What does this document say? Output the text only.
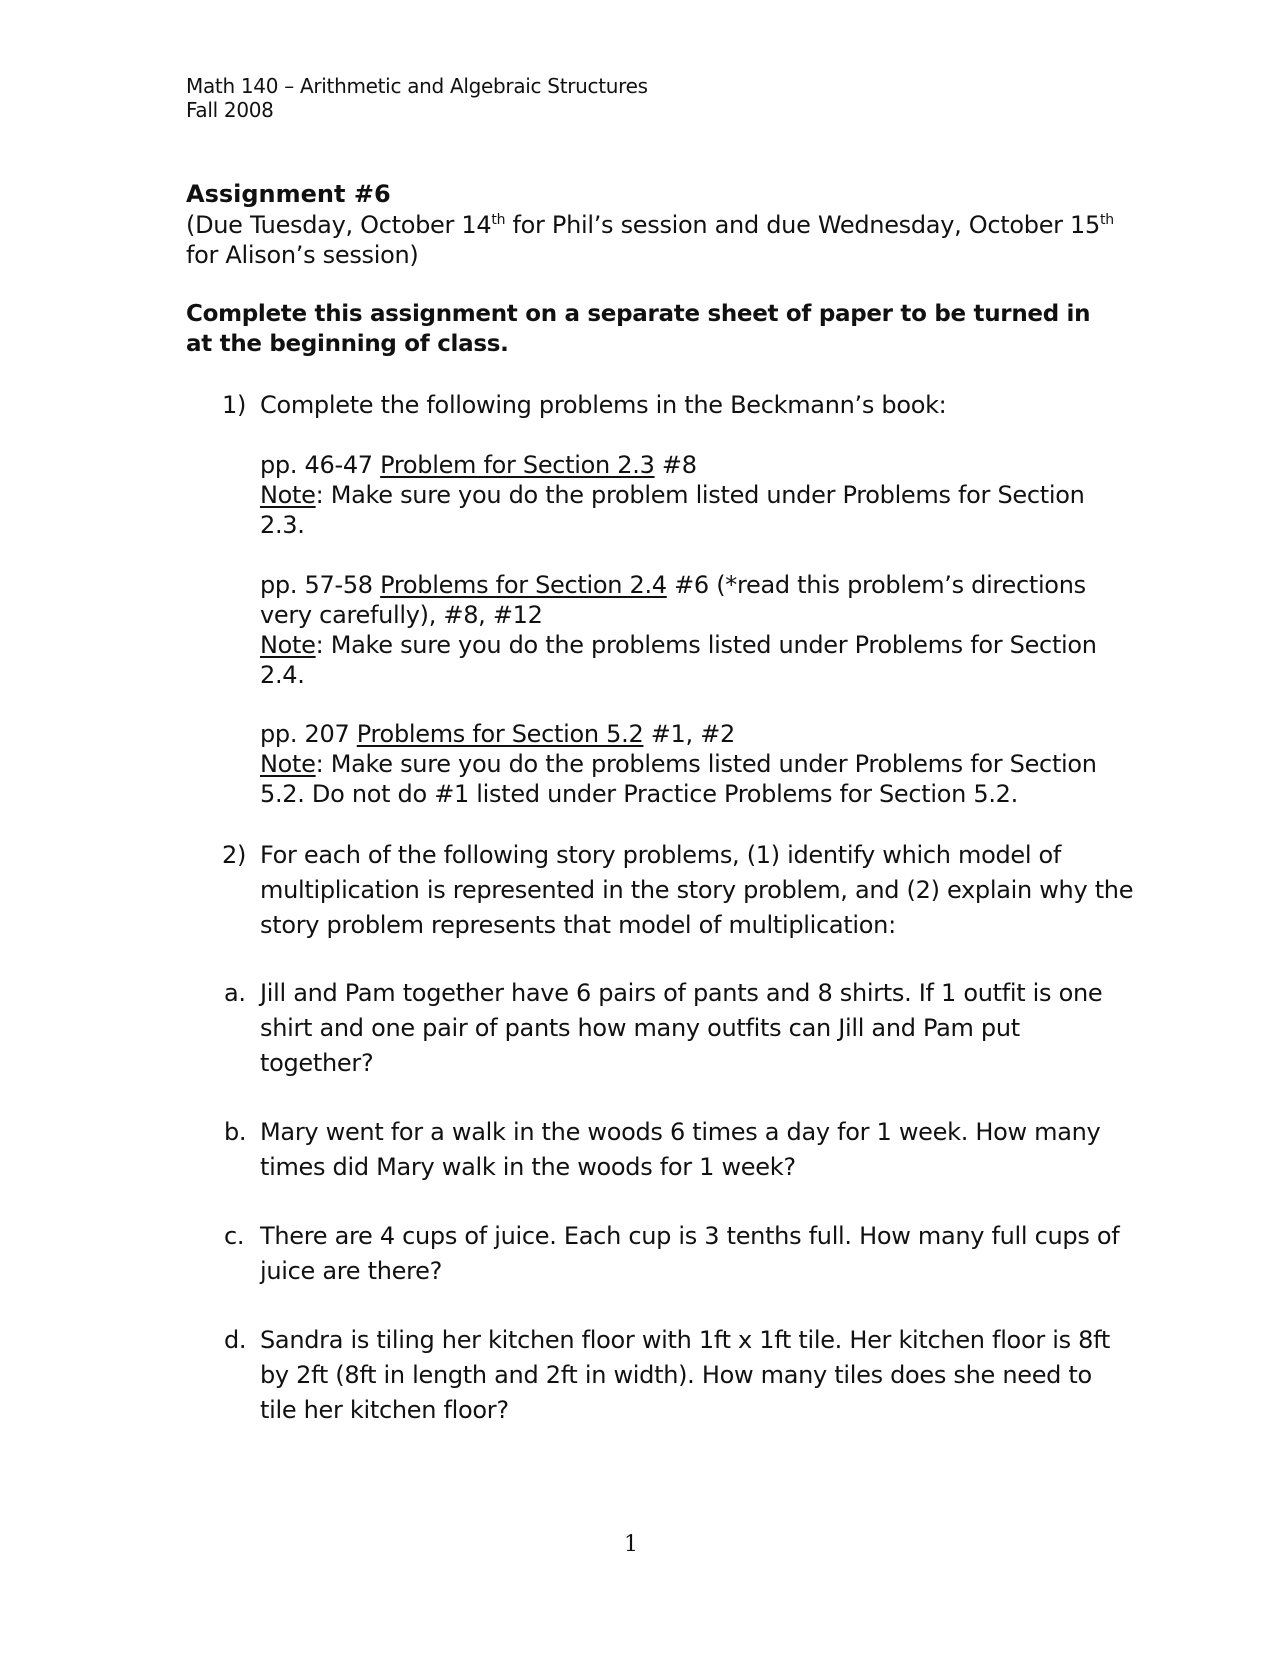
Math 140 – Arithmetic and Algebraic Structures
Fall 2008
Assignment #6
(Due Tuesday, October 14th for Phil’s session and due Wednesday, October 15th
for Alison’s session)
Complete this assignment on a separate sheet of paper to be turned in
at the beginning of class.
1) Complete the following problems in the Beckmann’s book:
pp. 46-47 Problem for Section 2.3 #8
Note: Make sure you do the problem listed under Problems for Section
2.3.
pp. 57-58 Problems for Section 2.4 #6 (*read this problem’s directions
very carefully), #8, #12
Note: Make sure you do the problems listed under Problems for Section
2.4.
pp. 207 Problems for Section 5.2 #1, #2
Note: Make sure you do the problems listed under Problems for Section
5.2. Do not do #1 listed under Practice Problems for Section 5.2.
2) For each of the following story problems, (1) identify which model of
multiplication is represented in the story problem, and (2) explain why the
story problem represents that model of multiplication:
a. Jill and Pam together have 6 pairs of pants and 8 shirts. If 1 outfit is one
shirt and one pair of pants how many outfits can Jill and Pam put
together?
b. Mary went for a walk in the woods 6 times a day for 1 week. How many
times did Mary walk in the woods for 1 week?
c. There are 4 cups of juice. Each cup is 3 tenths full. How many full cups of
juice are there?
d. Sandra is tiling her kitchen floor with 1ft x 1ft tile. Her kitchen floor is 8ft
by 2ft (8ft in length and 2ft in width). How many tiles does she need to
tile her kitchen floor?
1
